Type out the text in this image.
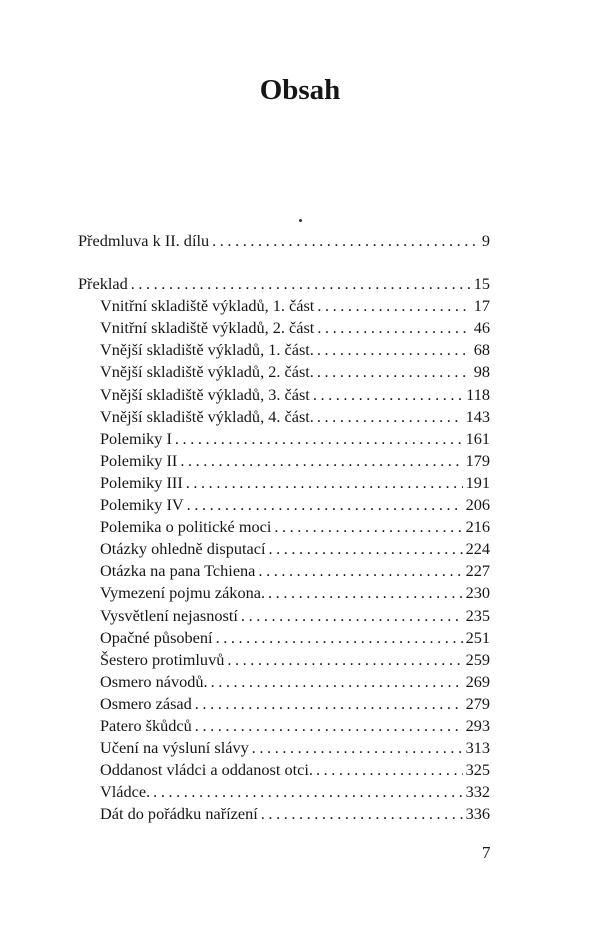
Obsah
Předmluva k II. dílu . . .	9
Překlad . . .	15
Vnitřní skladiště výkladů, 1. část . . .	17
Vnitřní skladiště výkladů, 2. část . . .	46
Vnější skladiště výkladů, 1. část. . . .	68
Vnější skladiště výkladů, 2. část. . . .	98
Vnější skladiště výkladů, 3. část . . .	118
Vnější skladiště výkladů, 4. část. . . .	143
Polemiky I . . .	161
Polemiky II . . .	179
Polemiky III . . .	191
Polemiky IV . . .	206
Polemika o politické moci . . .	216
Otázky ohledně disputací . . .	224
Otázka na pana Tchiena . . .	227
Vymezení pojmu zákona. . . .	230
Vysvětlení nejasností . . .	235
Opačné působení . . .	251
Šestero protimluvů . . .	259
Osmero návodů. . . .	269
Osmero zásad . . .	279
Patero škůdců . . .	293
Učení na výsluní slávy . . .	313
Oddanost vládci a oddanost otci. . . .	325
Vládce. . . .	332
Dát do pořádku nařízení . . .	336
7
